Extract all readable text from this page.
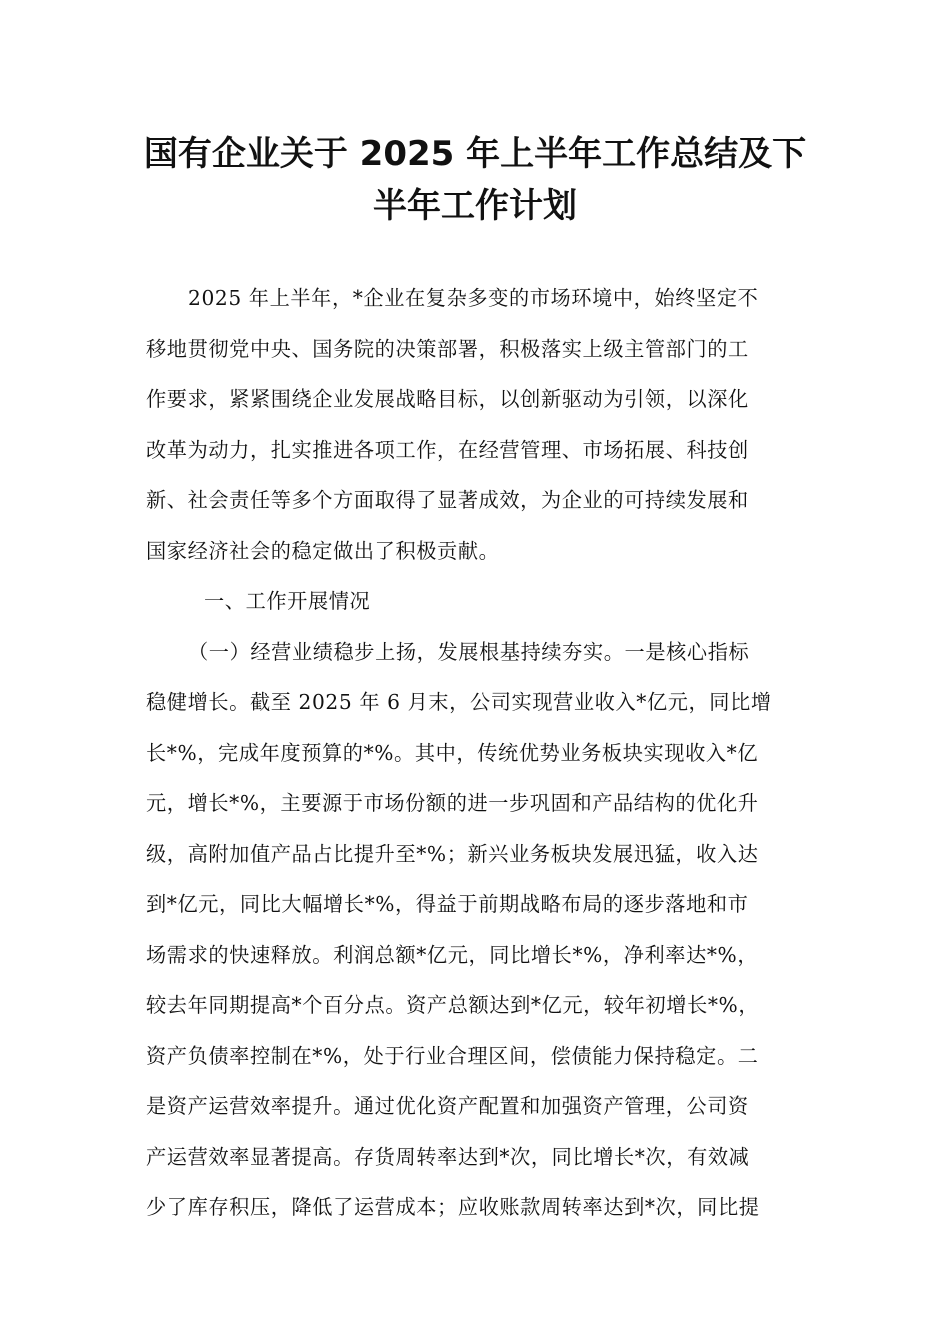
国有企业关于 2025 年上半年工作总结及下
半年工作计划
2025 年上半年，*企业在复杂多变的市场环境中，始终坚定不
移地贯彻党中央、国务院的决策部署，积极落实上级主管部门的工
作要求，紧紧围绕企业发展战略目标，以创新驱动为引领，以深化
改革为动力，扎实推进各项工作，在经营管理、市场拓展、科技创
新、社会责任等多个方面取得了显著成效，为企业的可持续发展和
国家经济社会的稳定做出了积极贡献。
一、工作开展情况
（一）经营业绩稳步上扬，发展根基持续夯实。一是核心指标
稳健增长。截至 2025 年 6 月末，公司实现营业收入*亿元，同比增
长*%，完成年度预算的*%。其中，传统优势业务板块实现收入*亿
元，增长*%，主要源于市场份额的进一步巩固和产品结构的优化升
级，高附加值产品占比提升至*%；新兴业务板块发展迅猛，收入达
到*亿元，同比大幅增长*%，得益于前期战略布局的逐步落地和市
场需求的快速释放。利润总额*亿元，同比增长*%，净利率达*%，
较去年同期提高*个百分点。资产总额达到*亿元，较年初增长*%，
资产负债率控制在*%，处于行业合理区间，偿债能力保持稳定。二
是资产运营效率提升。通过优化资产配置和加强资产管理，公司资
产运营效率显著提高。存货周转率达到*次，同比增长*次，有效减
少了库存积压，降低了运营成本；应收账款周转率达到*次，同比提
